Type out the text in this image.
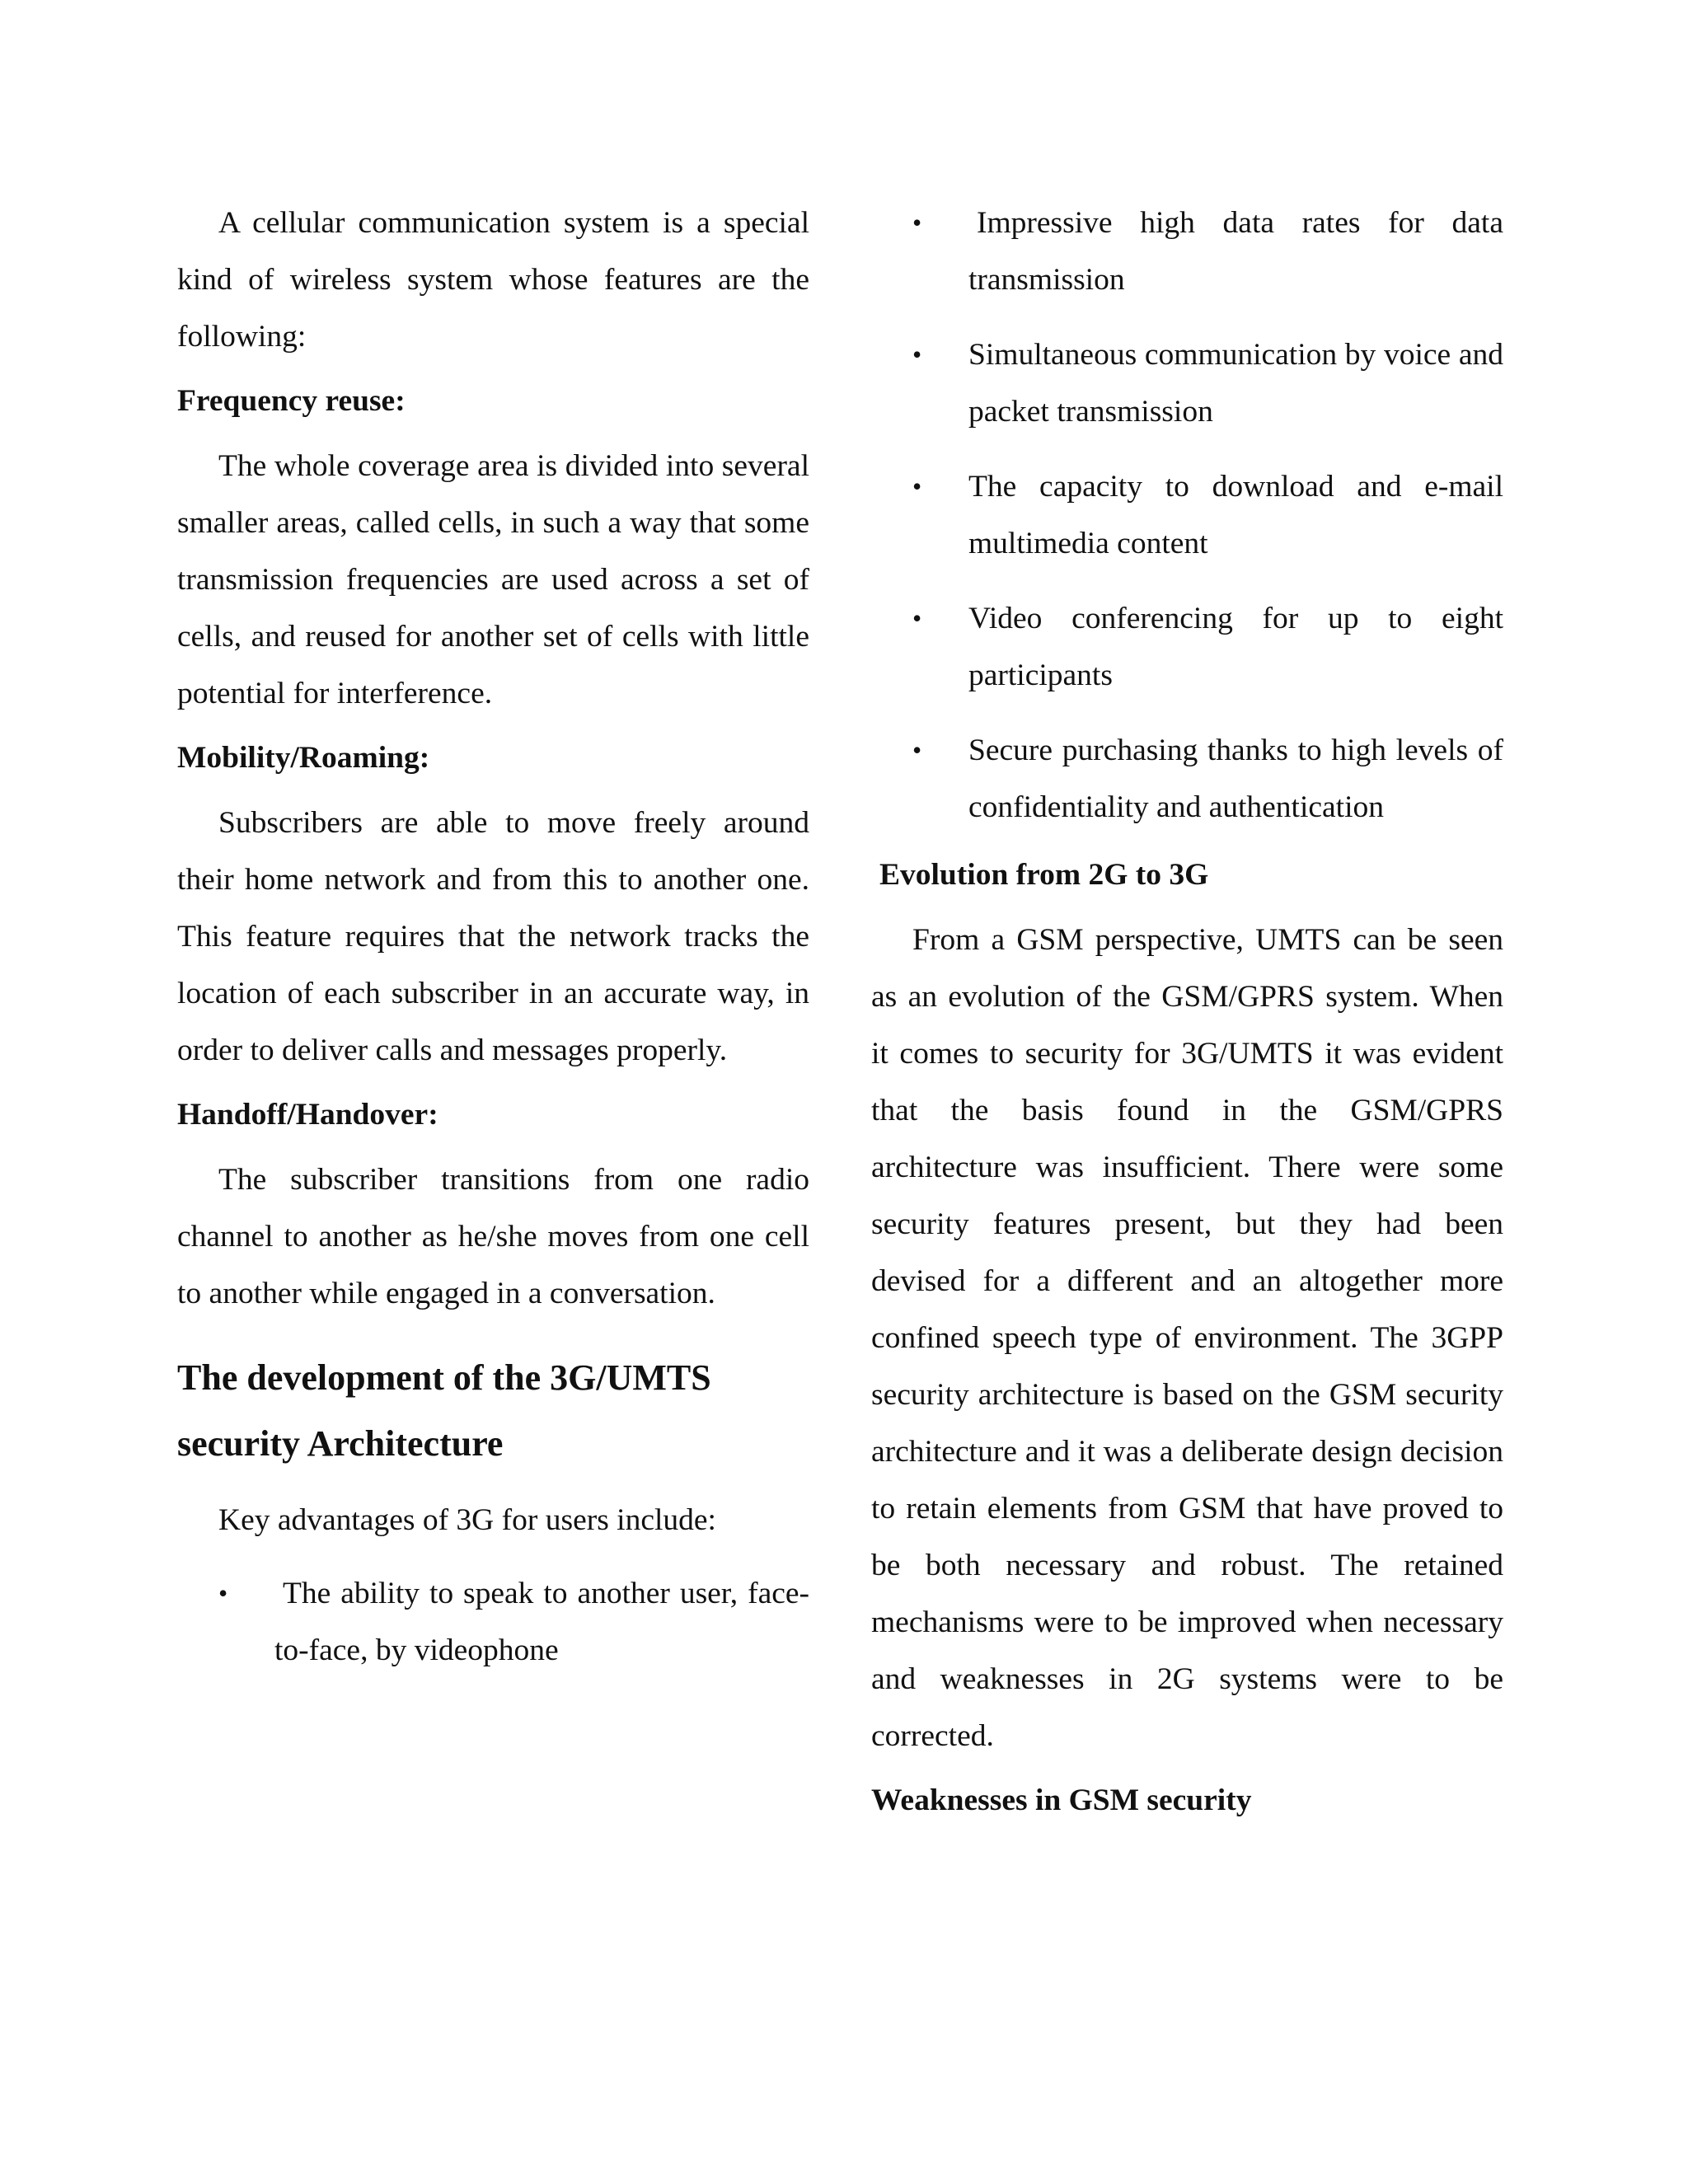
A cellular communication system is a special kind of wireless system whose features are the following:

Frequency reuse:

The whole coverage area is divided into several smaller areas, called cells, in such a way that some transmission frequencies are used across a set of cells, and reused for another set of cells with little potential for interference.

Mobility/Roaming:

Subscribers are able to move freely around their home network and from this to another one. This feature requires that the network tracks the location of each subscriber in an accurate way, in order to deliver calls and messages properly.

Handoff/Handover:

The subscriber transitions from one radio channel to another as he/she moves from one cell to another while engaged in a conversation.

The development of the 3G/UMTS security Architecture

Key advantages of 3G for users include:

• The ability to speak to another user, face- to-face, by videophone

• Impressive high data rates for data transmission

• Simultaneous communication by voice and packet transmission

• The capacity to download and e-mail multimedia content

• Video conferencing for up to eight participants

• Secure purchasing thanks to high levels of confidentiality and authentication

Evolution from 2G to 3G

From a GSM perspective, UMTS can be seen as an evolution of the GSM/GPRS system. When it comes to security for 3G/UMTS it was evident that the basis found in the GSM/GPRS architecture was insufficient. There were some security features present, but they had been devised for a different and an altogether more confined speech type of environment. The 3GPP security architecture is based on the GSM security architecture and it was a deliberate design decision to retain elements from GSM that have proved to be both necessary and robust. The retained mechanisms were to be improved when necessary and weaknesses in 2G systems were to be corrected.

Weaknesses in GSM security
